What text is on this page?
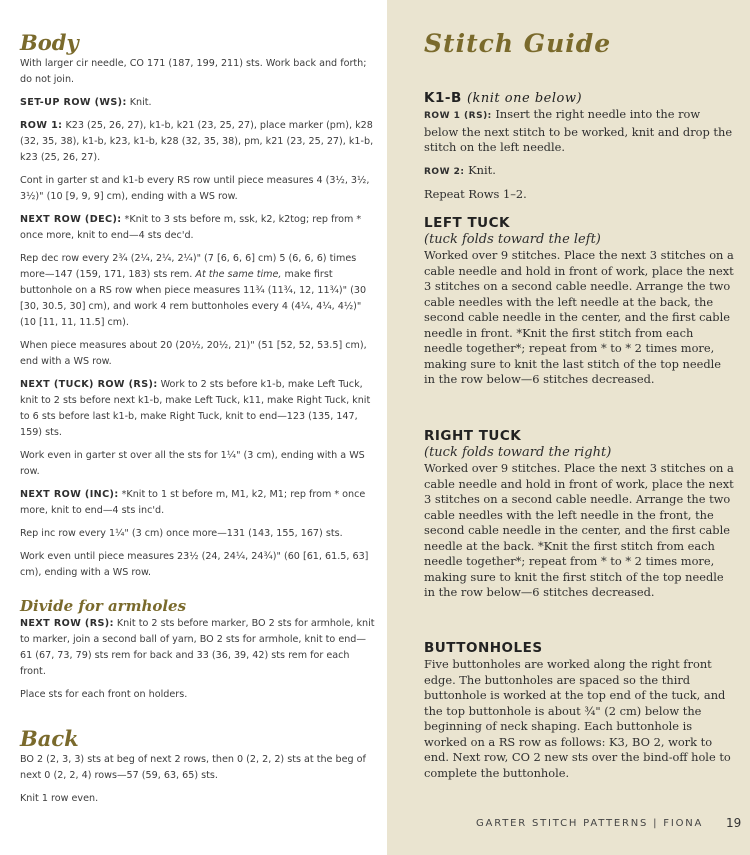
Body

With larger cir needle, CO 171 (187, 199, 211) sts. Work back and forth; do not join.

SET-UP ROW (WS): Knit.

ROW 1: K23 (25, 26, 27), k1-b, k21 (23, 25, 27), place marker (pm), k28 (32, 35, 38), k1-b, k23, k1-b, k28 (32, 35, 38), pm, k21 (23, 25, 27), k1-b, k23 (25, 26, 27).

Cont in garter st and k1-b every RS row until piece measures 4 (3½, 3½, 3½)" (10 [9, 9, 9] cm), ending with a WS row.

NEXT ROW (DEC): *Knit to 3 sts before m, ssk, k2, k2tog; rep from * once more, knit to end—4 sts dec'd.

Rep dec row every 2¾ (2¼, 2¼, 2¼)" (7 [6, 6, 6] cm) 5 (6, 6, 6) times more—147 (159, 171, 183) sts rem. At the same time, make first buttonhole on a RS row when piece measures 11¾ (11¾, 12, 11¾)" (30 [30, 30.5, 30] cm), and work 4 rem buttonholes every 4 (4¼, 4¼, 4½)" (10 [11, 11, 11.5] cm).

When piece measures about 20 (20½, 20½, 21)" (51 [52, 52, 53.5] cm), end with a WS row.

NEXT (TUCK) ROW (RS): Work to 2 sts before k1-b, make Left Tuck, knit to 2 sts before next k1-b, make Left Tuck, k11, make Right Tuck, knit to 6 sts before last k1-b, make Right Tuck, knit to end—123 (135, 147, 159) sts.

Work even in garter st over all the sts for 1¼" (3 cm), ending with a WS row.

NEXT ROW (INC): *Knit to 1 st before m, M1, k2, M1; rep from * once more, knit to end—4 sts inc'd.

Rep inc row every 1¼" (3 cm) once more—131 (143, 155, 167) sts.

Work even until piece measures 23½ (24, 24¼, 24¾)" (60 [61, 61.5, 63] cm), ending with a WS row.

Divide for armholes

NEXT ROW (RS): Knit to 2 sts before marker, BO 2 sts for armhole, knit to marker, join a second ball of yarn, BO 2 sts for armhole, knit to end—61 (67, 73, 79) sts rem for back and 33 (36, 39, 42) sts rem for each front.

Place sts for each front on holders.

Back

BO 2 (2, 3, 3) sts at beg of next 2 rows, then 0 (2, 2, 2) sts at the beg of next 0 (2, 2, 4) rows—57 (59, 63, 65) sts.

Knit 1 row even.

Stitch Guide
K1-B (knit one below)

ROW 1 (RS): Insert the right needle into the row below the next stitch to be worked, knit and drop the stitch on the left needle.

ROW 2: Knit.

Repeat Rows 1–2.

LEFT TUCK
(tuck folds toward the left)

Worked over 9 stitches. Place the next 3 stitches on a cable needle and hold in front of work, place the next 3 stitches on a second cable needle. Arrange the two cable needles with the left needle at the back, the second cable needle in the center, and the first cable needle in front. *Knit the first stitch from each needle together*; repeat from * to * 2 times more, making sure to knit the last stitch of the top needle in the row below—6 stitches decreased.

RIGHT TUCK
(tuck folds toward the right)

Worked over 9 stitches. Place the next 3 stitches on a cable needle and hold in front of work, place the next 3 stitches on a second cable needle. Arrange the two cable needles with the left needle in the front, the second cable needle in the center, and the first cable needle at the back. *Knit the first stitch from each needle together*; repeat from * to * 2 times more, making sure to knit the first stitch of the top needle in the row below—6 stitches decreased.

BUTTONHOLES

Five buttonholes are worked along the right front edge. The buttonholes are spaced so the third buttonhole is worked at the top end of the tuck, and the top buttonhole is about ¾" (2 cm) below the beginning of neck shaping. Each buttonhole is worked on a RS row as follows: K3, BO 2, work to end. Next row, CO 2 new sts over the bind-off hole to complete the buttonhole.

GARTER STITCH PATTERNS | FIONA 19
